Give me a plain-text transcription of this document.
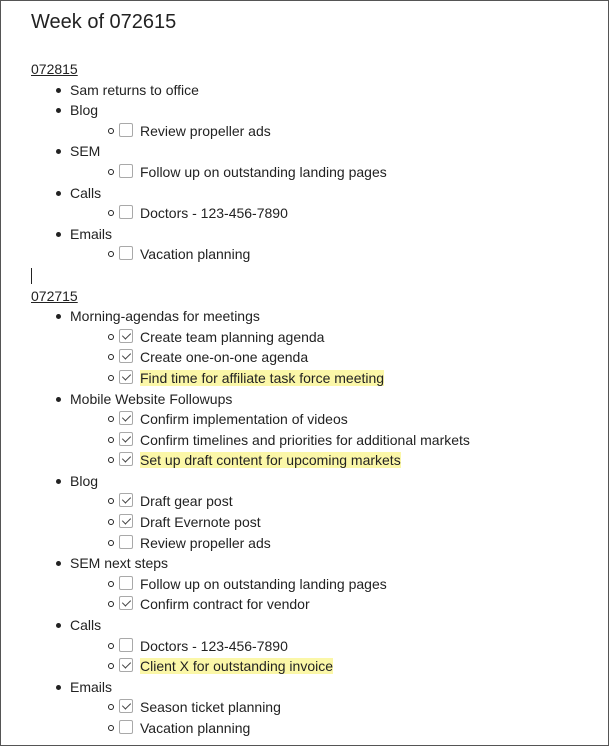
Week of 072615
072815
Sam returns to office
Blog
Review propeller ads
SEM
Follow up on outstanding landing pages
Calls
Doctors - 123-456-7890
Emails
Vacation planning
072715
Morning-agendas for meetings
Create team planning agenda
Create one-on-one agenda
Find time for affiliate task force meeting
Mobile Website Followups
Confirm implementation of videos
Confirm timelines and priorities for additional markets
Set up draft content for upcoming markets
Blog
Draft gear post
Draft Evernote post
Review propeller ads
SEM next steps
Follow up on outstanding landing pages
Confirm contract for vendor
Calls
Doctors - 123-456-7890
Client X for outstanding invoice
Emails
Season ticket planning
Vacation planning
